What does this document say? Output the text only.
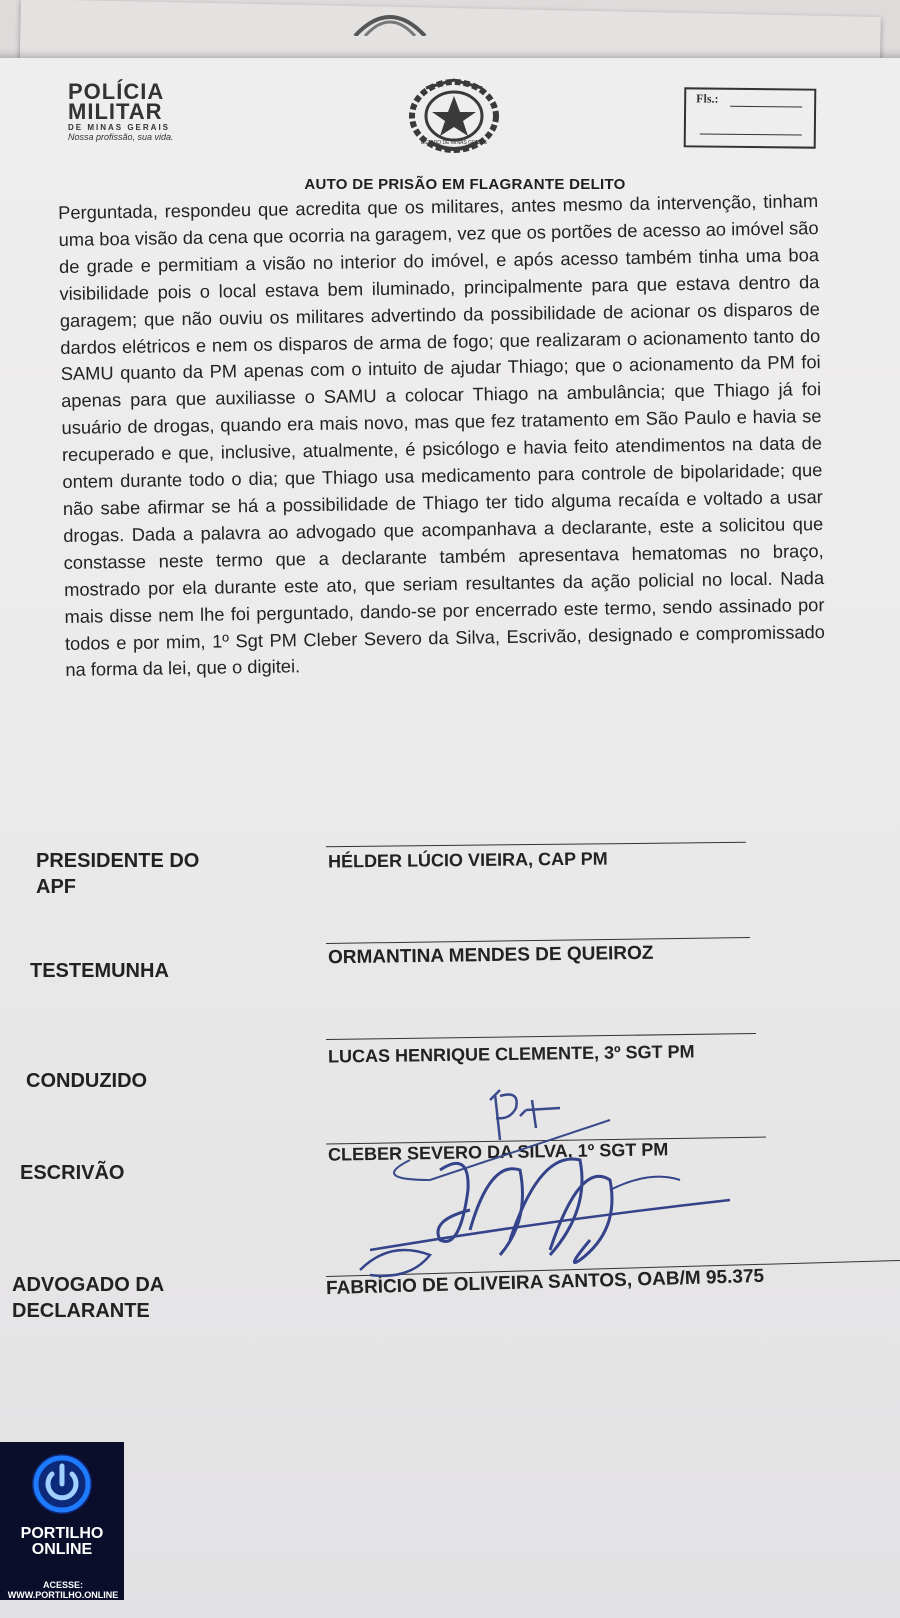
POLÍCIA
MILITAR
DE MINAS GERAIS
Nossa profissão, sua vida.
ESTADO DE MINAS GERAIS
Fls.:
AUTO DE PRISÃO EM FLAGRANTE DELITO
Perguntada, respondeu que acredita que os militares, antes mesmo da intervenção, tinham uma boa visão da cena que ocorria na garagem, vez que os portões de acesso ao imóvel são de grade e permitiam a visão no interior do imóvel, e após acesso também tinha uma boa visibilidade pois o local estava bem iluminado, principalmente para que estava dentro da garagem; que não ouviu os militares advertindo da possibilidade de acionar os disparos de dardos elétricos e nem os disparos de arma de fogo; que realizaram o acionamento tanto do SAMU quanto da PM apenas com o intuito de ajudar Thiago; que o acionamento da PM foi apenas para que auxiliasse o SAMU a colocar Thiago na ambulância; que Thiago já foi usuário de drogas, quando era mais novo, mas que fez tratamento em São Paulo e havia se recuperado e que, inclusive, atualmente, é psicólogo e havia feito atendimentos na data de ontem durante todo o dia; que Thiago usa medicamento para controle de bipolaridade; que não sabe afirmar se há a possibilidade de Thiago ter tido alguma recaída e voltado a usar drogas. Dada a palavra ao advogado que acompanhava a declarante, este a solicitou que constasse neste termo que a declarante também apresentava hematomas no braço, mostrado por ela durante este ato, que seriam resultantes da ação policial no local. Nada mais disse nem lhe foi perguntado, dando-se por encerrado este termo, sendo assinado por todos e por mim, 1º Sgt PM Cleber Severo da Silva, Escrivão, designado e compromissado na forma da lei, que o digitei.
PRESIDENTE DO
APF
HÉLDER LÚCIO VIEIRA, CAP PM
TESTEMUNHA
ORMANTINA MENDES DE QUEIROZ
CONDUZIDO
LUCAS HENRIQUE CLEMENTE, 3º SGT PM
ESCRIVÃO
CLEBER SEVERO DA SILVA, 1º SGT PM
ADVOGADO DA
DECLARANTE
FABRÍCIO DE OLIVEIRA SANTOS, OAB/M 95.375
PORTILHO
ONLINE
ACESSE: WWW.PORTILHO.ONLINE
